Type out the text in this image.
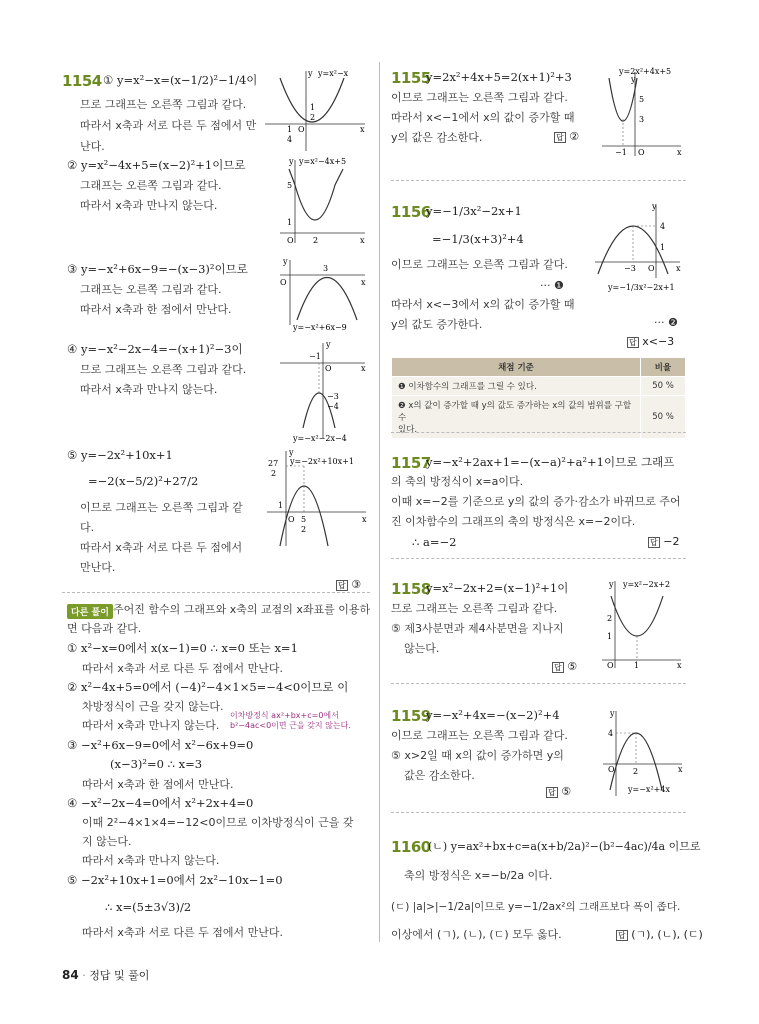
1154 ① y=x²−x=(x−1/2)²−1/4이
므로 그래프는 오른쪽 그림과 같다.
따라서 x축과 서로 다른 두 점에서 만
난다.
② y=x²−4x+5=(x−2)²+1이므로
그래프는 오른쪽 그림과 같다.
따라서 x축과 만나지 않는다.
③ y=−x²+6x−9=−(x−3)²이므로
그래프는 오른쪽 그림과 같다.
따라서 x축과 한 점에서 만난다.
④ y=−x²−2x−4=−(x+1)²−3이
므로 그래프는 오른쪽 그림과 같다.
따라서 x축과 만나지 않는다.
⑤ y=−2x²+10x+1
=−2(x−5/2)²+27/2
이므로 그래프는 오른쪽 그림과 같
다.
따라서 x축과 서로 다른 두 점에서
만난다.
답 ③
y=x²−x
1
2
1
4
O	x
y
y=x²−4x+5
5
1
2
O	x
y
3
O	x
y
y=−x²+6x−9
−1
−3
−4
O	x
y
y=−x²−2x−4
y=−2x²+10x+1
27
2
5
2
1
O	x
y
다른 풀이 주어진 함수의 그래프와 x축의 교점의 x좌표를 이용하
면 다음과 같다.
① x²−x=0에서 x(x−1)=0 ∴ x=0 또는 x=1
따라서 x축과 서로 다른 두 점에서 만난다.
② x²−4x+5=0에서 (−4)²−4×1×5=−4<0이므로 이
차방정식이 근을 갖지 않는다.
따라서 x축과 만나지 않는다.
이차방정식 ax²+bx+c=0에서
b²−4ac<0이면 근을 갖지 않는다.
③ −x²+6x−9=0에서 x²−6x+9=0
(x−3)²=0 ∴ x=3
따라서 x축과 한 점에서 만난다.
④ −x²−2x−4=0에서 x²+2x+4=0
이때 2²−4×1×4=−12<0이므로 이차방정식이 근을 갖
지 않는다.
따라서 x축과 만나지 않는다.
⑤ −2x²+10x+1=0에서 2x²−10x−1=0
∴ x=(5±3√3)/2
따라서 x축과 서로 다른 두 점에서 만난다.
1155
y=2x²+4x+5=2(x+1)²+3
이므로 그래프는 오른쪽 그림과 같다.
따라서 x<−1에서 x의 값이 증가할 때
y의 값은 감소한다.	답 ②
y=2x²+4x+5
5
3
−1 O	x
y
1156
y=−1/3x²−2x+1
=−1/3(x+3)²+4
이므로 그래프는 오른쪽 그림과 같다.
··· ❶
따라서 x<−3에서 x의 값이 증가할 때
y의 값도 증가한다.	··· ❷
답 x<−3
4
1
−3 O	x
y
y=−1/3x²−2x+1
채점 기준	비율
❶ 이차함수의 그래프를 그릴 수 있다.	50 %
❷ x의 값이 증가할 때 y의 값도 증가하는 x의 값의 범위를 구할 수
있다.	50 %
1157
y=−x²+2ax+1=−(x−a)²+a²+1이므로 그래프
의 축의 방정식이 x=a이다.
이때 x=−2를 기준으로 y의 값의 증가·감소가 바뀌므로 주어
진 이차함수의 그래프의 축의 방정식은 x=−2이다.
∴ a=−2	답 −2
1158
y=x²−2x+2=(x−1)²+1이
므로 그래프는 오른쪽 그림과 같다.
⑤ 제3사분면과 제4사분면을 지나지
않는다.
답 ⑤
y=x²−2x+2
2
1
1
O	x
y
1159
y=−x²+4x=−(x−2)²+4
이므로 그래프는 오른쪽 그림과 같다.
⑤ x>2일 때 x의 값이 증가하면 y의
값은 감소한다.
답 ⑤
4
2
O	x
y
y=−x²+4x
1160
(ㄴ) y=ax²+bx+c=a(x+b/2a)²−(b²−4ac)/4a 이므로
축의 방정식은 x=−b/2a 이다.
(ㄷ) |a|>|−1/2a|이므로 y=−1/2ax²의 그래프보다 폭이 좁다.
이상에서 (ㄱ), (ㄴ), (ㄷ) 모두 옳다.	답 (ㄱ), (ㄴ), (ㄷ)
84 · 정답 및 풀이
